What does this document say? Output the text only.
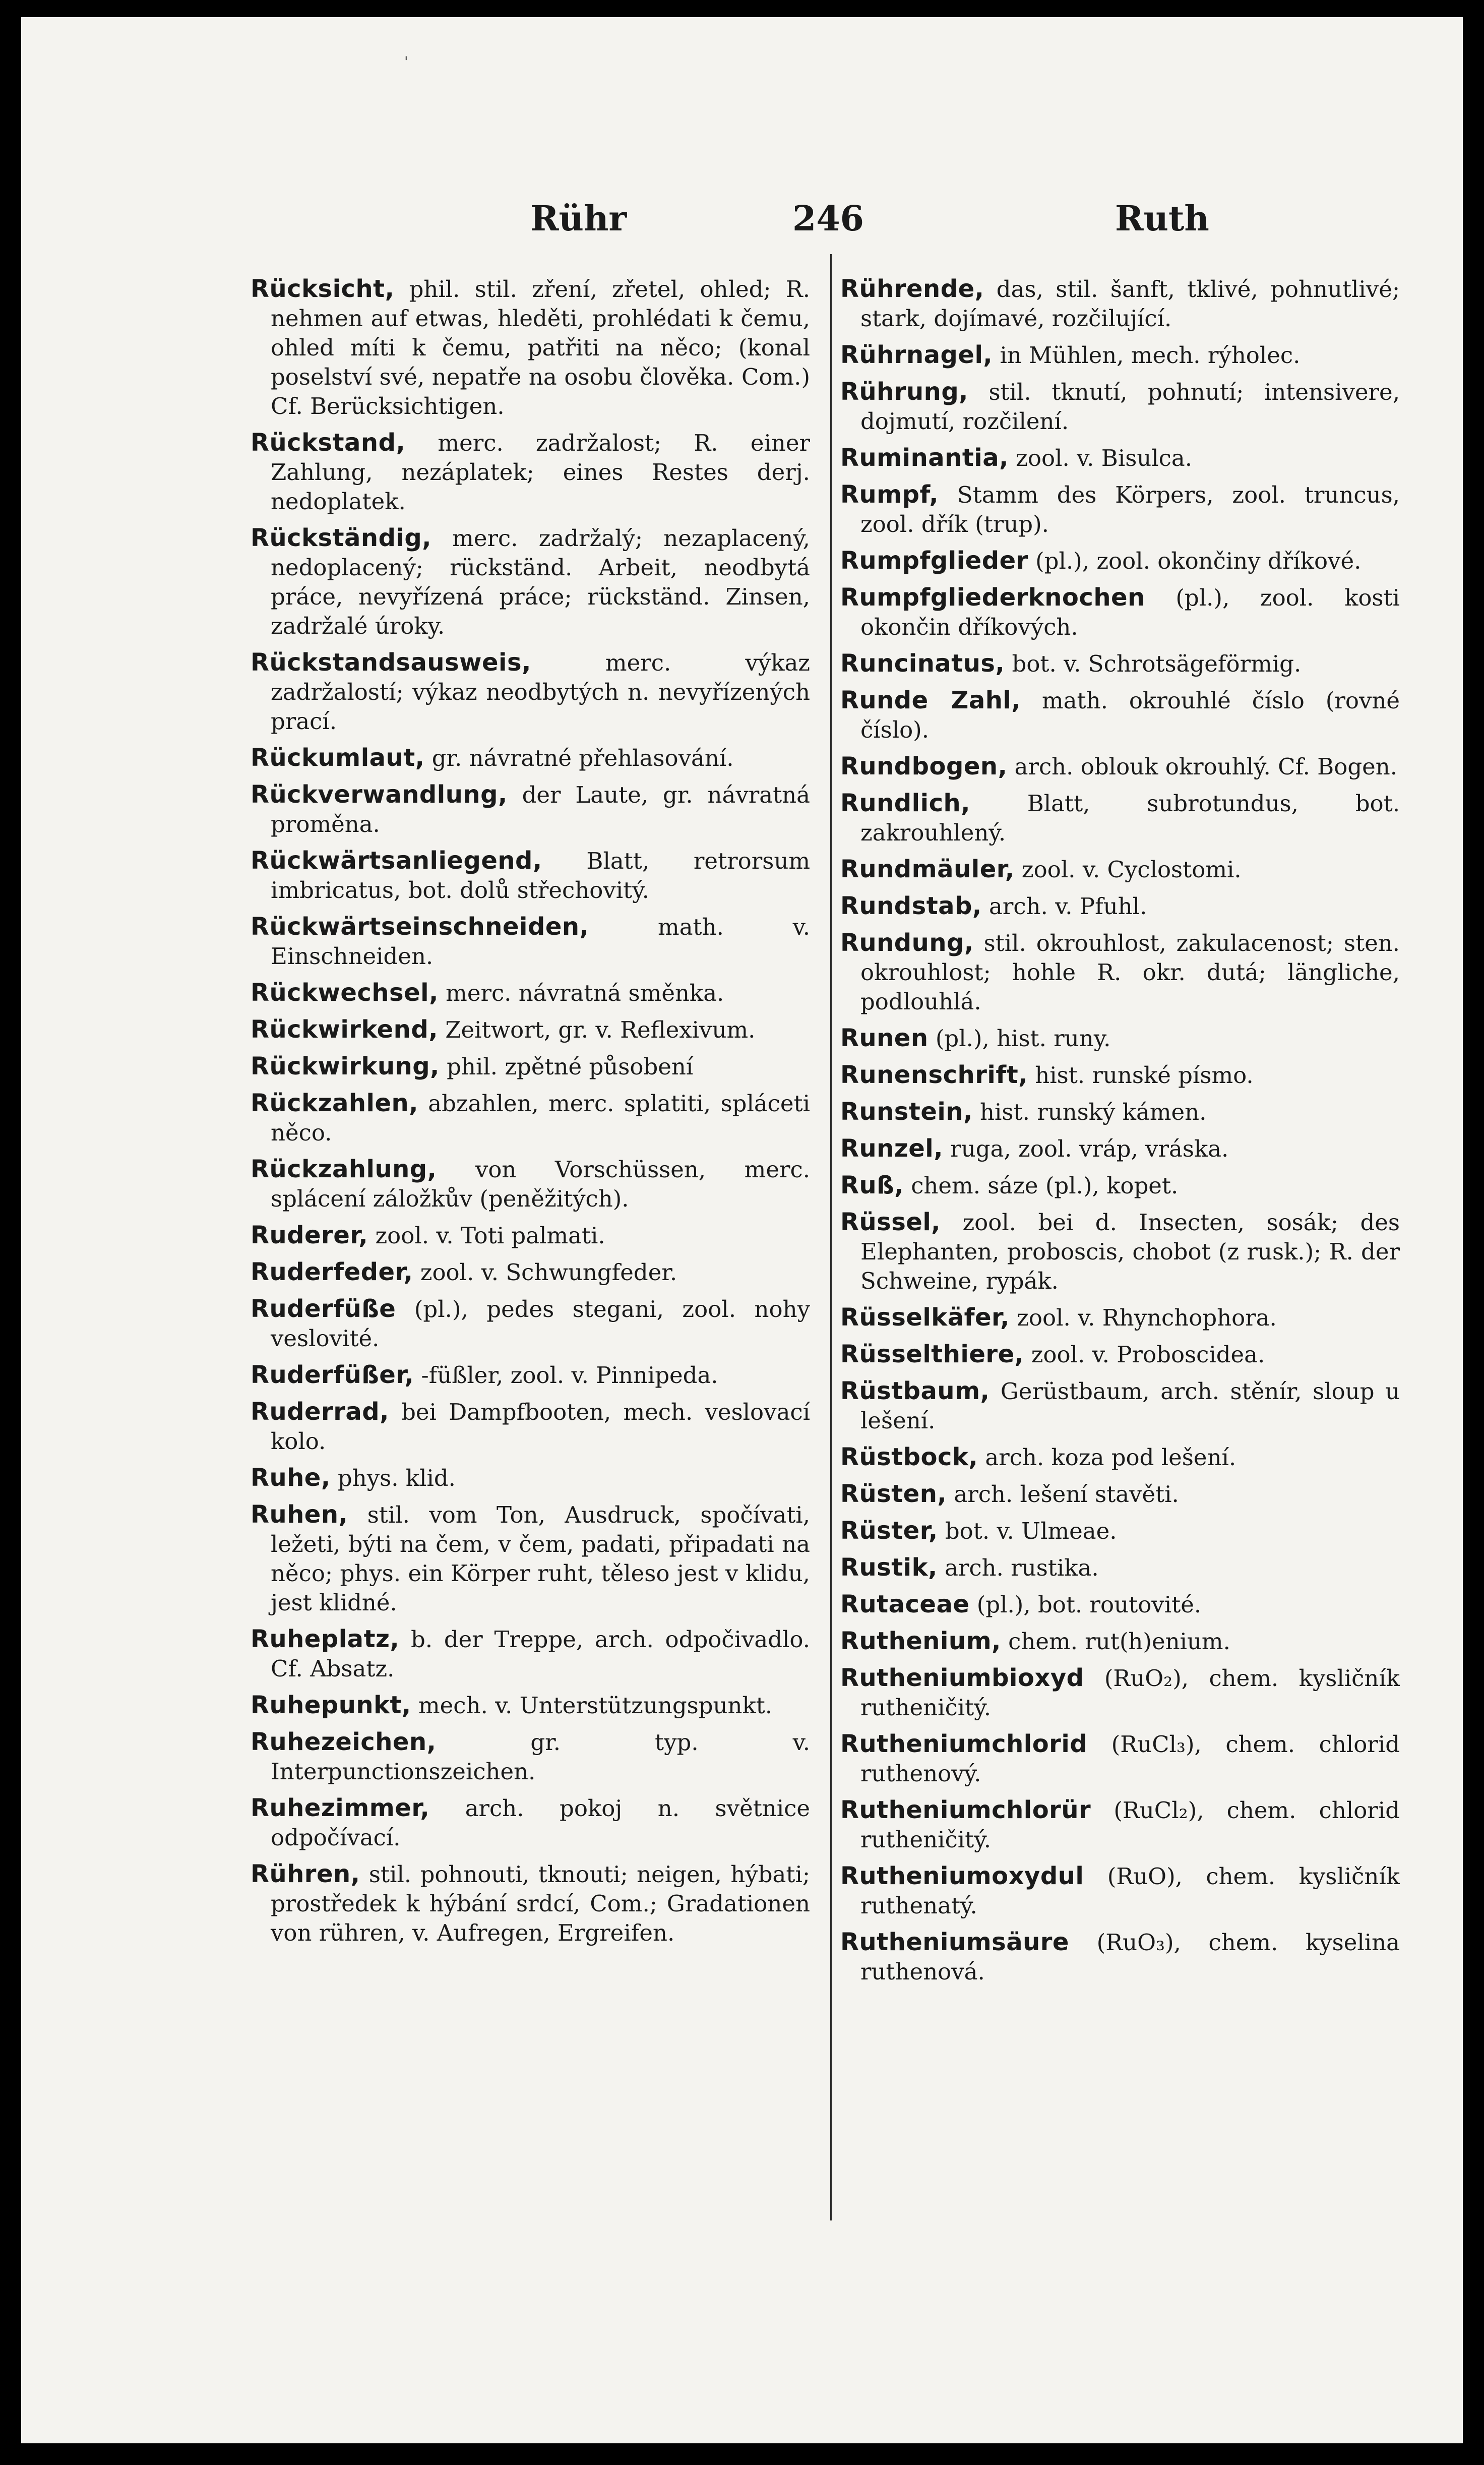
'
Rühr	246	Ruth

Rücksicht, phil. stil. zření, zřetel, ohled; R. nehmen auf etwas, hleděti, prohlédati k čemu, ohled míti k čemu, patřiti na něco; (konal poselství své, nepatře na osobu člověka. Com.) Cf. Berücksichtigen.

Rückstand, merc. zadržalost; R. einer Zahlung, nezáplatek; eines Restes derj. nedoplatek.

Rückständig, merc. zadržalý; nezaplacený, nedoplacený; rückständ. Arbeit, neodbytá práce, nevyřízená práce; rückständ. Zinsen, zadržalé úroky.

Rückstandsausweis,	merc. výkaz zadržalostí; výkaz neodbytých n. nevyřízených prací.

Rückumlaut, gr. návratné přehlasování.

Rückverwandlung, der Laute, gr. návratná proměna.

Rückwärtsanliegend, Blatt, retrorsum imbricatus, bot. dolů střechovitý.

Rückwärtseinschneiden,	math. v. Einschneiden.

Rückwechsel, merc. návratná směnka.

Rückwirkend, Zeitwort, gr. v. Reflexivum.

Rückwirkung, phil. zpětné působení

Rückzahlen, abzahlen, merc. splatiti, spláceti něco.

Rückzahlung, von Vorschüssen, merc. splácení záložkův (peněžitých).

Ruderer, zool. v. Toti palmati.

Ruderfeder, zool. v. Schwungfeder.

Ruderfüße (pl.), pedes stegani, zool. nohy veslovité.

Ruderfüßer, -füßler, zool. v. Pinnipeda.

Ruderrad, bei Dampfbooten, mech. veslovací kolo.

Ruhe, phys. klid.

Ruhen, stil. vom Ton, Ausdruck, spočívati, ležeti, býti na čem, v čem, padati, připadati na něco; phys. ein Körper ruht, těleso jest v klidu, jest klidné.

Ruheplatz, b. der Treppe, arch. odpočivadlo. Cf. Absatz.

Ruhepunkt, mech. v. Unterstützungspunkt.

Ruhezeichen,	gr. typ. v. Interpunctionszeichen.

Ruhezimmer, arch. pokoj n. světnice odpočívací.

Rühren, stil. pohnouti, tknouti; neigen, hýbati; prostředek k hýbání srdcí, Com.; Gradationen von rühren, v. Aufregen, Ergreifen.

Rührende, das, stil. šanft, tklivé, pohnutlivé; stark, dojímavé, rozčilující.

Rührnagel, in Mühlen, mech. rýholec.

Rührung, stil. tknutí, pohnutí; intensivere, dojmutí, rozčilení.

Ruminantia, zool. v. Bisulca.

Rumpf, Stamm des Körpers, zool. truncus, zool. dřík (trup).

Rumpfglieder (pl.), zool. okončiny dříkové.

Rumpfgliederknochen (pl.), zool. kosti okončin dříkových.

Runcinatus, bot. v. Schrotsägeförmig.

Runde Zahl, math. okrouhlé číslo (rovné číslo).

Rundbogen, arch. oblouk okrouhlý. Cf. Bogen.

Rundlich,	Blatt, subrotundus, bot. zakrouhlený.

Rundmäuler, zool. v. Cyclostomi.

Rundstab, arch. v. Pfuhl.

Rundung, stil. okrouhlost, zakulacenost; sten. okrouhlost; hohle R. okr. dutá; längliche, podlouhlá.

Runen (pl.), hist. runy.

Runenschrift, hist. runské písmo.

Runstein, hist. runský kámen.

Runzel, ruga, zool. vráp, vráska.

Ruß, chem. sáze (pl.), kopet.

Rüssel, zool. bei d. Insecten, sosák; des Elephanten, proboscis, chobot (z rusk.); R. der Schweine, rypák.

Rüsselkäfer, zool. v. Rhynchophora.

Rüsselthiere, zool. v. Proboscidea.

Rüstbaum, Gerüstbaum, arch. stěnír, sloup u lešení.

Rüstbock, arch. koza pod lešení.

Rüsten, arch. lešení stavěti.

Rüster, bot. v. Ulmeae.

Rustik, arch. rustika.

Rutaceae (pl.), bot. routovité.

Ruthenium, chem. rut(h)enium.

Rutheniumbioxyd (RuO₂), chem. kysličník rutheničitý.

Rutheniumchlorid (RuCl₃), chem. chlorid ruthenový.

Rutheniumchlorür (RuCl₂), chem. chlorid rutheničitý.

Rutheniumoxydul (RuO), chem. kysličník ruthenatý.

Rutheniumsäure (RuO₃), chem. kyselina ruthenová.
